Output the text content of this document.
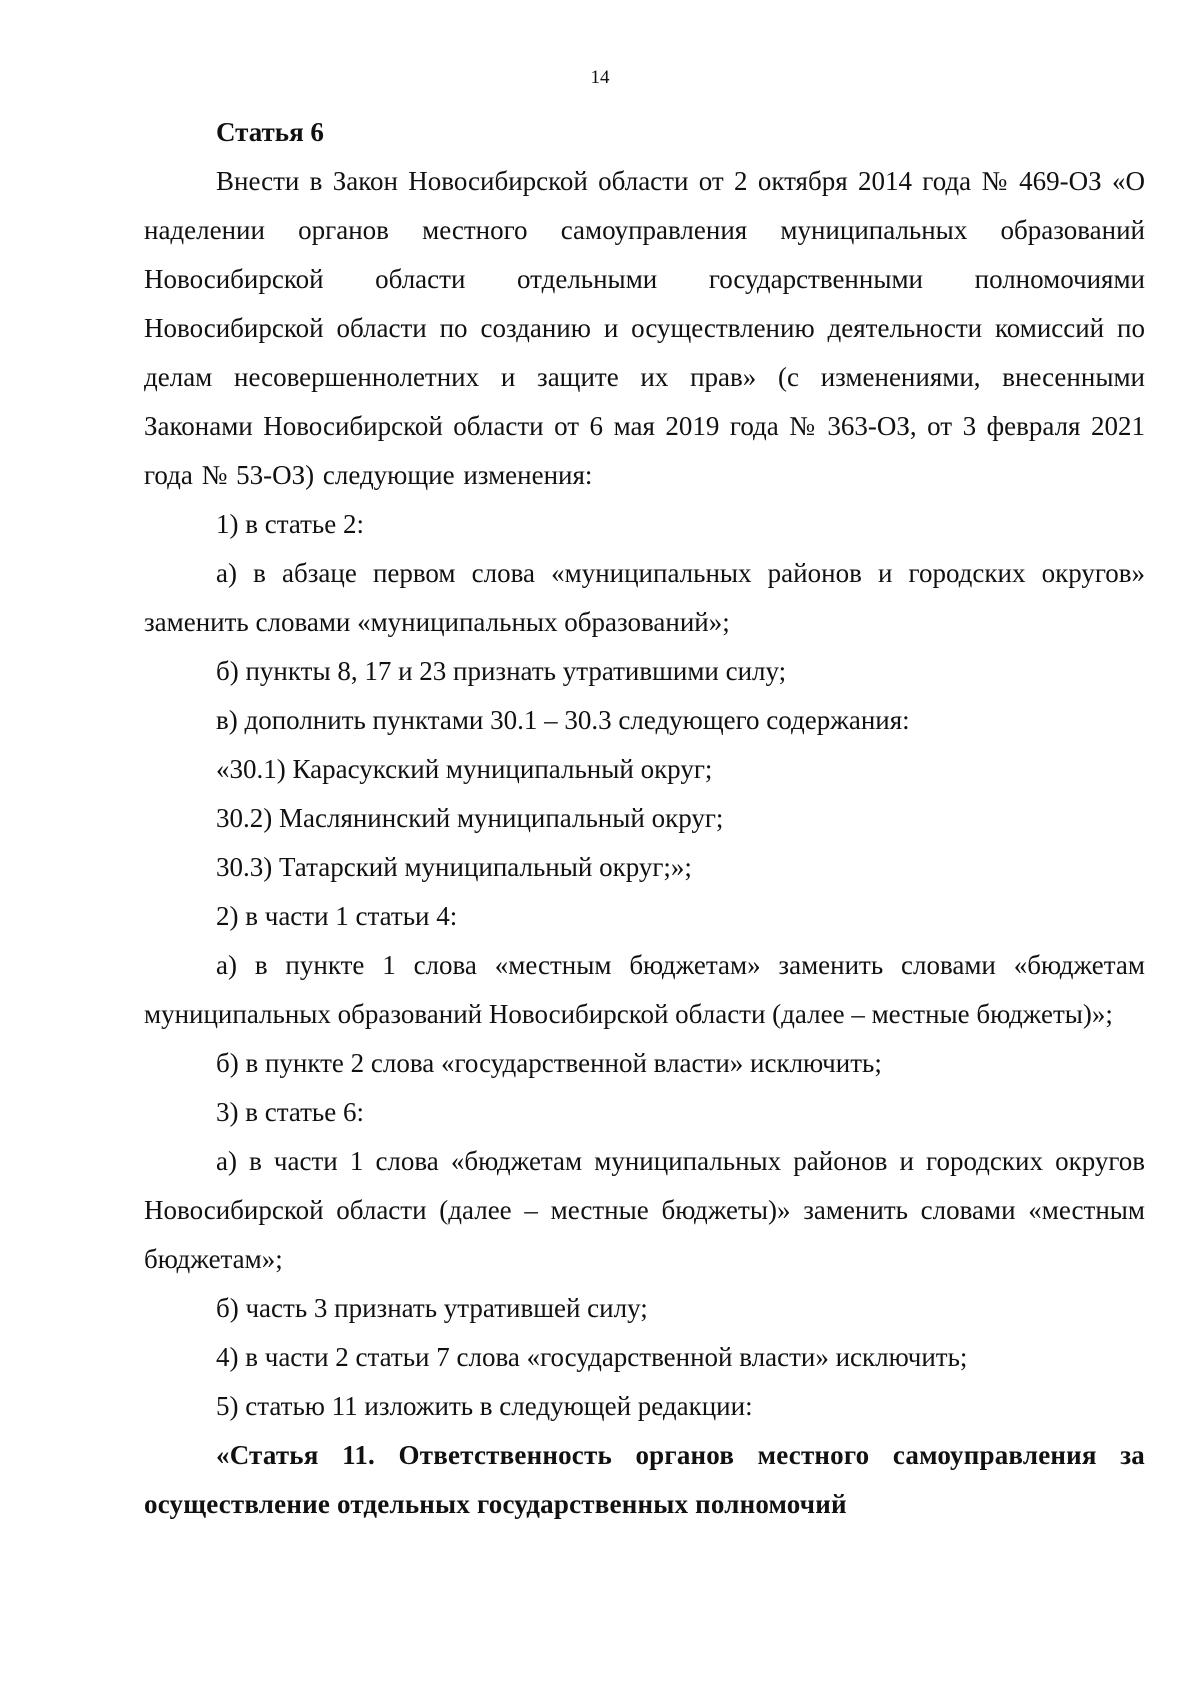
14

Статья 6

Внести в Закон Новосибирской области от 2 октября 2014 года № 469-ОЗ «О наделении органов местного самоуправления муниципальных образований Новосибирской области отдельными государственными полномочиями Новосибирской области по созданию и осуществлению деятельности комиссий по делам несовершеннолетних и защите их прав» (с изменениями, внесенными Законами Новосибирской области от 6 мая 2019 года № 363-ОЗ, от 3 февраля 2021 года № 53-ОЗ) следующие изменения:

1) в статье 2:

а) в абзаце первом слова «муниципальных районов и городских округов» заменить словами «муниципальных образований»;

б) пункты 8, 17 и 23 признать утратившими силу;

в) дополнить пунктами 30.1 – 30.3 следующего содержания:

«30.1) Карасукский муниципальный округ;

30.2) Маслянинский муниципальный округ;

30.3) Татарский муниципальный округ;»;

2) в части 1 статьи 4:

а) в пункте 1 слова «местным бюджетам» заменить словами «бюджетам муниципальных образований Новосибирской области (далее – местные бюджеты)»;

б) в пункте 2 слова «государственной власти» исключить;

3) в статье 6:

а) в части 1 слова «бюджетам муниципальных районов и городских округов Новосибирской области (далее – местные бюджеты)» заменить словами «местным бюджетам»;

б) часть 3 признать утратившей силу;

4) в части 2 статьи 7 слова «государственной власти» исключить;

5) статью 11 изложить в следующей редакции:

«Статья 11. Ответственность органов местного самоуправления за осуществление отдельных государственных полномочий
